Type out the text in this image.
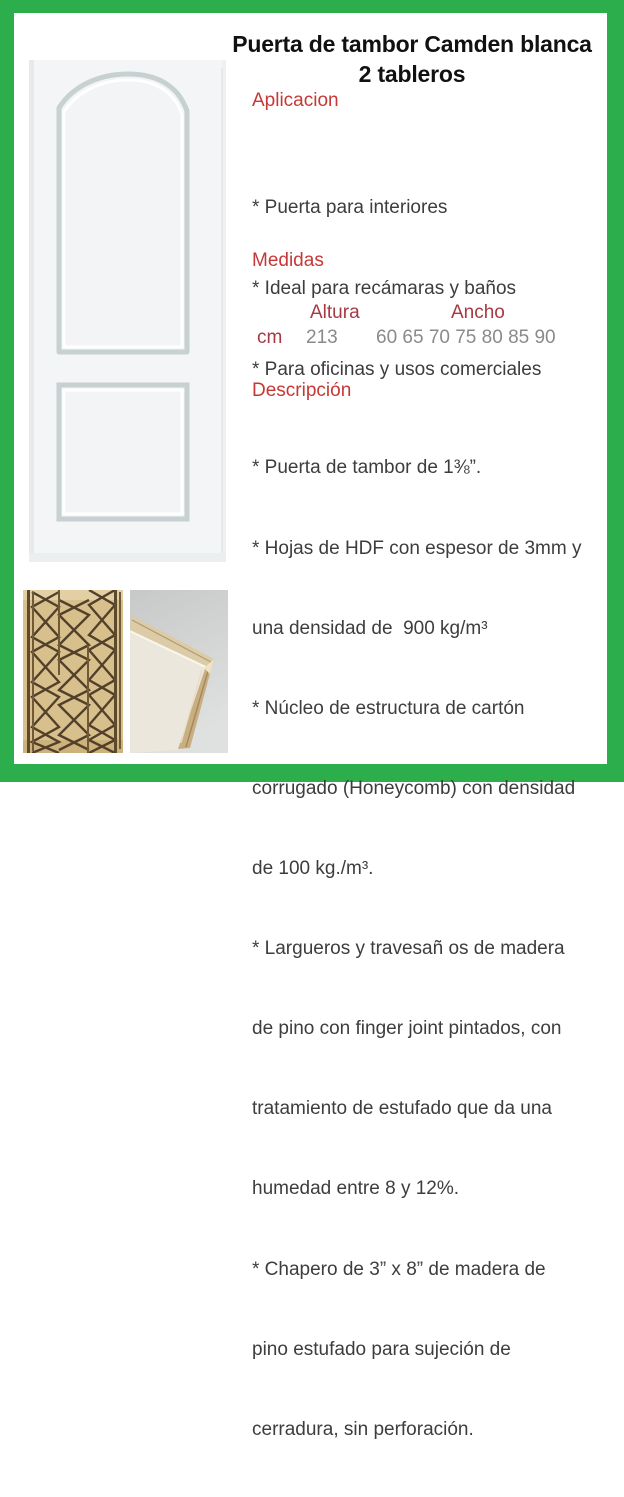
Puerta de tambor Camden blanca
2 tableros
Aplicacion

* Puerta para interiores

* Ideal para recámaras y baños

* Para oficinas y usos comerciales

Medidas
Altura	Ancho
cm 213 60 65 70 75 80 85 90
Descripción

* Puerta de tambor de 1⅜”.

* Hojas de HDF con espesor de 3mm y

una densidad de  900 kg/m³

* Núcleo de estructura de cartón

corrugado (Honeycomb) con densidad

de 100 kg./m³.

* Largueros y travesañ os de madera

de pino con finger joint pintados, con

tratamiento de estufado que da una

humedad entre 8 y 12%.

* Chapero de 3” x 8” de madera de

pino estufado para sujeción de

cerradura, sin perforación.
